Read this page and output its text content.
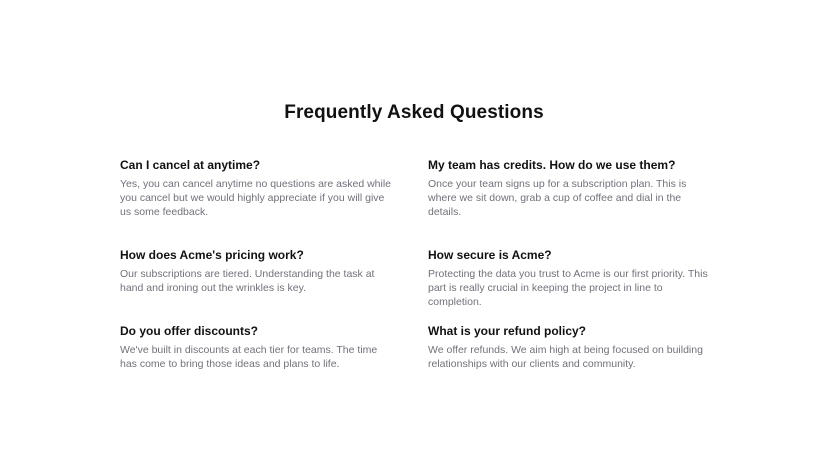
Frequently Asked Questions
Can I cancel at anytime?

Yes, you can cancel anytime no questions are asked while you cancel but we would highly appreciate if you will give us some feedback.

My team has credits. How do we use them?

Once your team signs up for a subscription plan. This is where we sit down, grab a cup of coffee and dial in the details.

How does Acme's pricing work?

Our subscriptions are tiered. Understanding the task at hand and ironing out the wrinkles is key.

How secure is Acme?

Protecting the data you trust to Acme is our first priority. This part is really crucial in keeping the project in line to completion.

Do you offer discounts?

We've built in discounts at each tier for teams. The time has come to bring those ideas and plans to life.

What is your refund policy?

We offer refunds. We aim high at being focused on building relationships with our clients and community.
